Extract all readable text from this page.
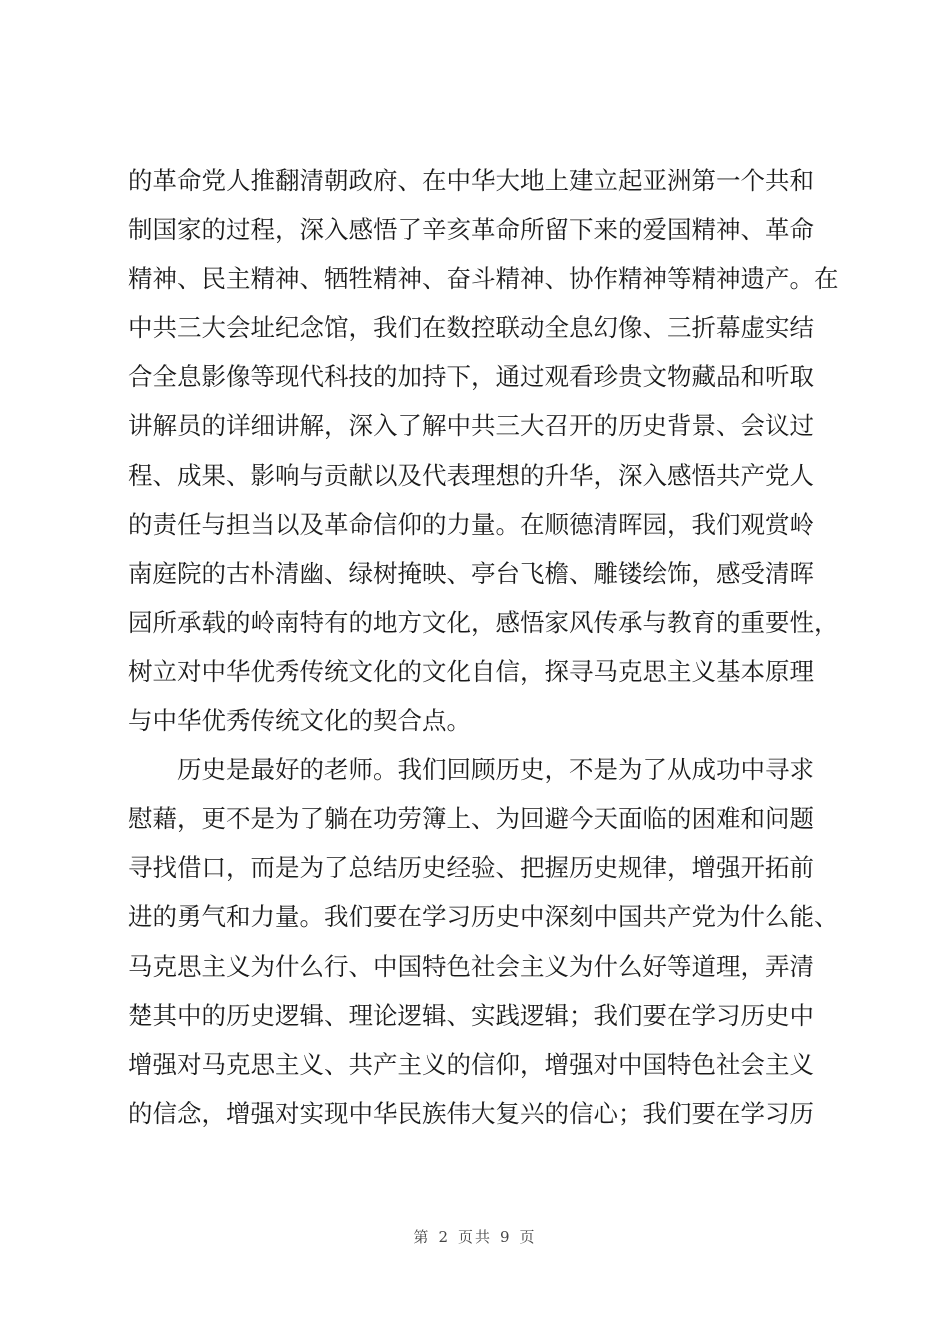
的革命党人推翻清朝政府、在中华大地上建立起亚洲第一个共和
制国家的过程，深入感悟了辛亥革命所留下来的爱国精神、革命
精神、民主精神、牺牲精神、奋斗精神、协作精神等精神遗产。在
中共三大会址纪念馆，我们在数控联动全息幻像、三折幕虚实结
合全息影像等现代科技的加持下，通过观看珍贵文物藏品和听取
讲解员的详细讲解，深入了解中共三大召开的历史背景、会议过
程、成果、影响与贡献以及代表理想的升华，深入感悟共产党人
的责任与担当以及革命信仰的力量。在顺德清晖园，我们观赏岭
南庭院的古朴清幽、绿树掩映、亭台飞檐、雕镂绘饰，感受清晖
园所承载的岭南特有的地方文化，感悟家风传承与教育的重要性，
树立对中华优秀传统文化的文化自信，探寻马克思主义基本原理
与中华优秀传统文化的契合点。
历史是最好的老师。我们回顾历史，不是为了从成功中寻求
慰藉，更不是为了躺在功劳簿上、为回避今天面临的困难和问题
寻找借口，而是为了总结历史经验、把握历史规律，增强开拓前
进的勇气和力量。我们要在学习历史中深刻中国共产党为什么能、
马克思主义为什么行、中国特色社会主义为什么好等道理，弄清
楚其中的历史逻辑、理论逻辑、实践逻辑；我们要在学习历史中
增强对马克思主义、共产主义的信仰，增强对中国特色社会主义
的信念，增强对实现中华民族伟大复兴的信心；我们要在学习历
第 2 页共 9 页
